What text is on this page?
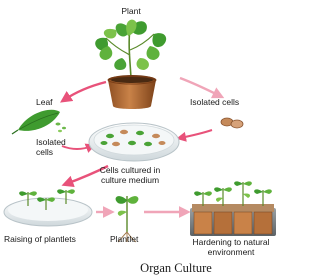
Plant
Leaf	Isolated cells
Isolated
cells
Cells cultured in
culture medium
Raising of plantlets	Plantlet	Hardening to natural
environment
Organ Culture
